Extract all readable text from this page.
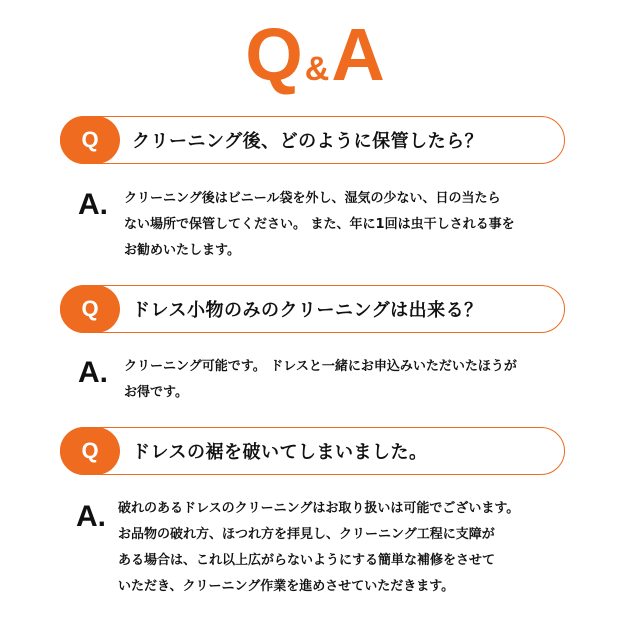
Q&A
Q	クリーニング後、どのように保管したら？
A. クリーニング後はビニール袋を外し、湿気の少ない、日の当たら
ない場所で保管してください。 また、年に1回は虫干しされる事を
お勧めいたします。
Q	ドレス小物のみのクリーニングは出来る？
A. クリーニング可能です。 ドレスと一緒にお申込みいただいたほうが
お得です。
Q	ドレスの裾を破いてしまいました。
A. 破れのあるドレスのクリーニングはお取り扱いは可能でございます。
お品物の破れ方、ほつれ方を拝見し、クリーニング工程に支障が
ある場合は、これ以上広がらないようにする簡単な補修をさせて
いただき、クリーニング作業を進めさせていただきます。
